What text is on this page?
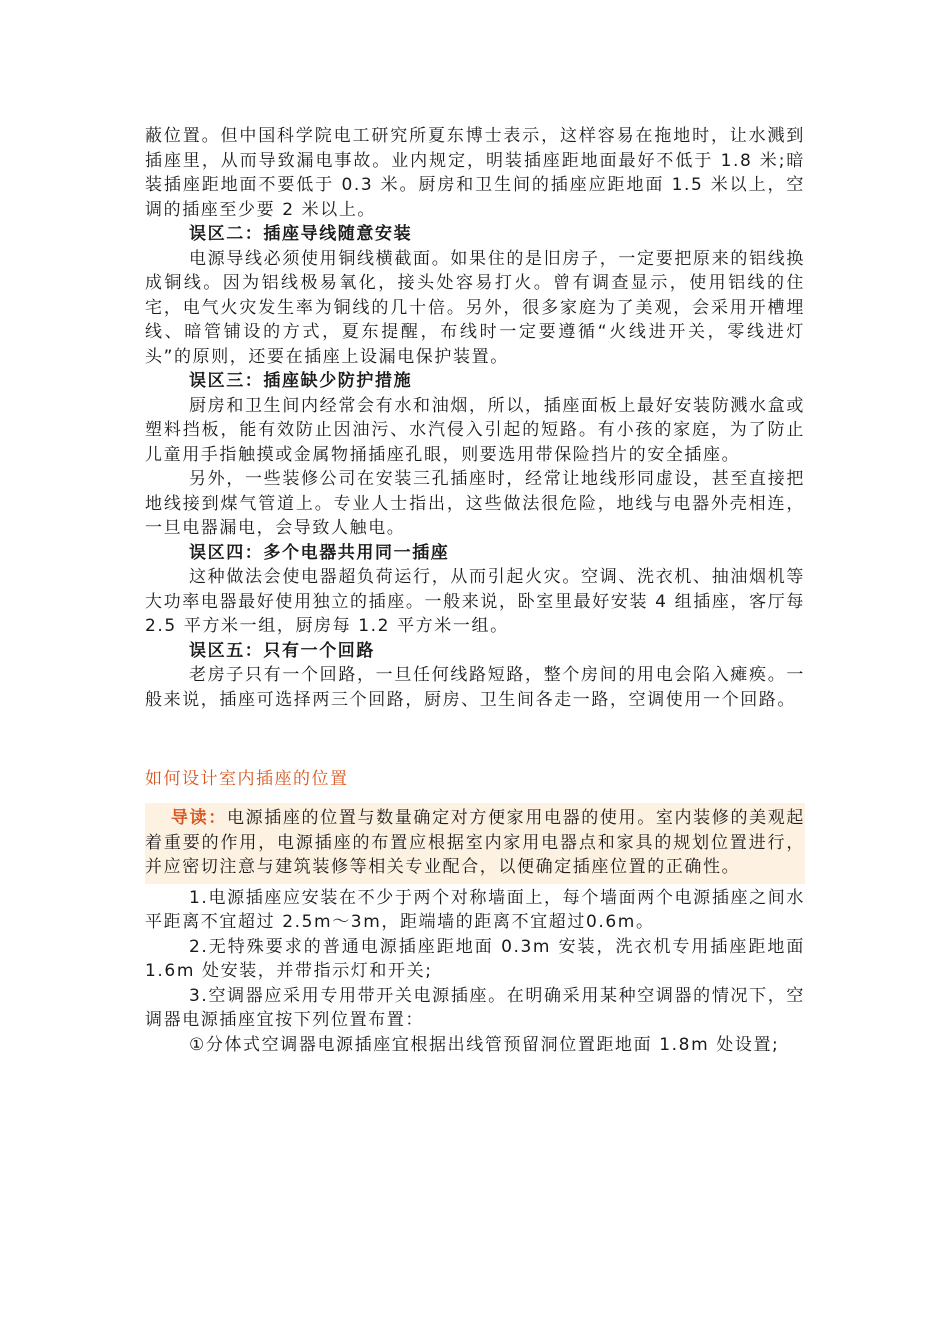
蔽位置。但中国科学院电工研究所夏东博士表示，这样容易在拖地时，让水溅到插座里，从而导致漏电事故。业内规定，明装插座距地面最好不低于 1.8 米;暗装插座距地面不要低于 0.3 米。厨房和卫生间的插座应距地面 1.5 米以上，空调的插座至少要 2 米以上。

误区二：插座导线随意安装

电源导线必须使用铜线横截面。如果住的是旧房子，一定要把原来的铝线换成铜线。因为铝线极易氧化，接头处容易打火。曾有调查显示，使用铝线的住宅，电气火灾发生率为铜线的几十倍。另外，很多家庭为了美观，会采用开槽埋线、暗管铺设的方式，夏东提醒，布线时一定要遵循“火线进开关，零线进灯头”的原则，还要在插座上设漏电保护装置。

误区三：插座缺少防护措施

厨房和卫生间内经常会有水和油烟，所以，插座面板上最好安装防溅水盒或塑料挡板，能有效防止因油污、水汽侵入引起的短路。有小孩的家庭，为了防止儿童用手指触摸或金属物捅插座孔眼，则要选用带保险挡片的安全插座。

另外，一些装修公司在安装三孔插座时，经常让地线形同虚设，甚至直接把地线接到煤气管道上。专业人士指出，这些做法很危险，地线与电器外壳相连，一旦电器漏电，会导致人触电。

误区四：多个电器共用同一插座

这种做法会使电器超负荷运行，从而引起火灾。空调、洗衣机、抽油烟机等大功率电器最好使用独立的插座。一般来说，卧室里最好安装 4 组插座，客厅每 2.5 平方米一组，厨房每 1.2 平方米一组。

误区五：只有一个回路

老房子只有一个回路，一旦任何线路短路，整个房间的用电会陷入瘫痪。一般来说，插座可选择两三个回路，厨房、卫生间各走一路，空调使用一个回路。

如何设计室内插座的位置

导读：电源插座的位置与数量确定对方便家用电器的使用。室内装修的美观起着重要的作用，电源插座的布置应根据室内家用电器点和家具的规划位置进行，并应密切注意与建筑装修等相关专业配合，以便确定插座位置的正确性。

1.电源插座应安装在不少于两个对称墙面上，每个墙面两个电源插座之间水平距离不宜超过 2.5m～3m，距端墙的距离不宜超过0.6m。

2.无特殊要求的普通电源插座距地面 0.3m 安装，洗衣机专用插座距地面 1.6m 处安装，并带指示灯和开关;

3.空调器应采用专用带开关电源插座。在明确采用某种空调器的情况下，空调器电源插座宜按下列位置布置：

①分体式空调器电源插座宜根据出线管预留洞位置距地面 1.8m 处设置;
